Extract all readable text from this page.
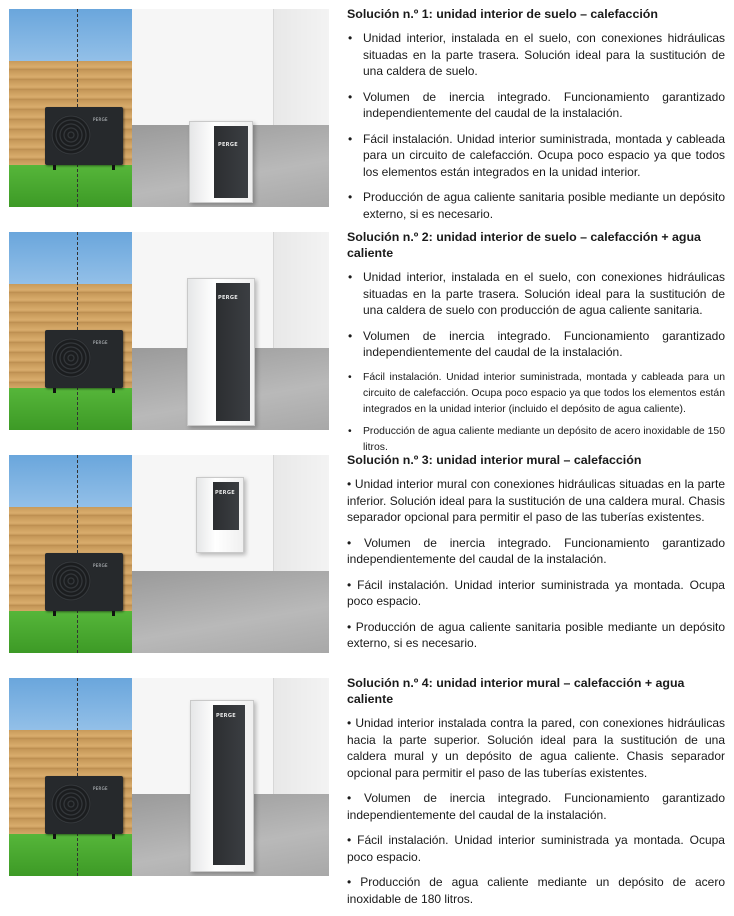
PERGE
PERGE
Solución n.º 1: unidad interior de suelo – calefacción
• Unidad interior, instalada en el suelo, con conexiones hidráulicas situadas en la parte trasera. Solución ideal para la sustitución de una caldera de suelo.
• Volumen de inercia integrado. Funcionamiento garantizado independientemente del caudal de la instalación.
• Fácil instalación. Unidad interior suministrada, montada y cableada para un circuito de calefacción. Ocupa poco espacio ya que todos los elementos están integrados en la unidad interior.
• Producción de agua caliente sanitaria posible mediante un depósito externo, si es necesario.
PERGE
PERGE
Solución n.º 2: unidad interior de suelo – calefacción + agua caliente
• Unidad interior, instalada en el suelo, con conexiones hidráulicas situadas en la parte trasera. Solución ideal para la sustitución de una caldera de suelo con producción de agua caliente sanitaria.
• Volumen de inercia integrado. Funcionamiento garantizado independientemente del caudal de la instalación.
• Fácil instalación. Unidad interior suministrada, montada y cableada para un circuito de calefacción. Ocupa poco espacio ya que todos los elementos están integrados en la unidad interior (incluido el depósito de agua caliente).
• Producción de agua caliente mediante un depósito de acero inoxidable de 150 litros.
PERGE
PERGE
Solución n.º 3: unidad interior mural – calefacción
• Unidad interior mural con conexiones hidráulicas situadas en la parte inferior. Solución ideal para la sustitución de una caldera mural. Chasis separador opcional para permitir el paso de las tuberías existentes.
• Volumen de inercia integrado. Funcionamiento garantizado independientemente del caudal de la instalación.
• Fácil instalación. Unidad interior suministrada ya montada. Ocupa poco espacio.
• Producción de agua caliente sanitaria posible mediante un depósito externo, si es necesario.
PERGE
PERGE
Solución n.º 4: unidad interior mural – calefacción + agua caliente
• Unidad interior instalada contra la pared, con conexiones hidráulicas hacia la parte superior. Solución ideal para la sustitución de una caldera mural y un depósito de agua caliente. Chasis separador opcional para permitir el paso de las tuberías existentes.
• Volumen de inercia integrado. Funcionamiento garantizado independientemente del caudal de la instalación.
• Fácil instalación. Unidad interior suministrada ya montada. Ocupa poco espacio.
• Producción de agua caliente mediante un depósito de acero inoxidable de 180 litros.
